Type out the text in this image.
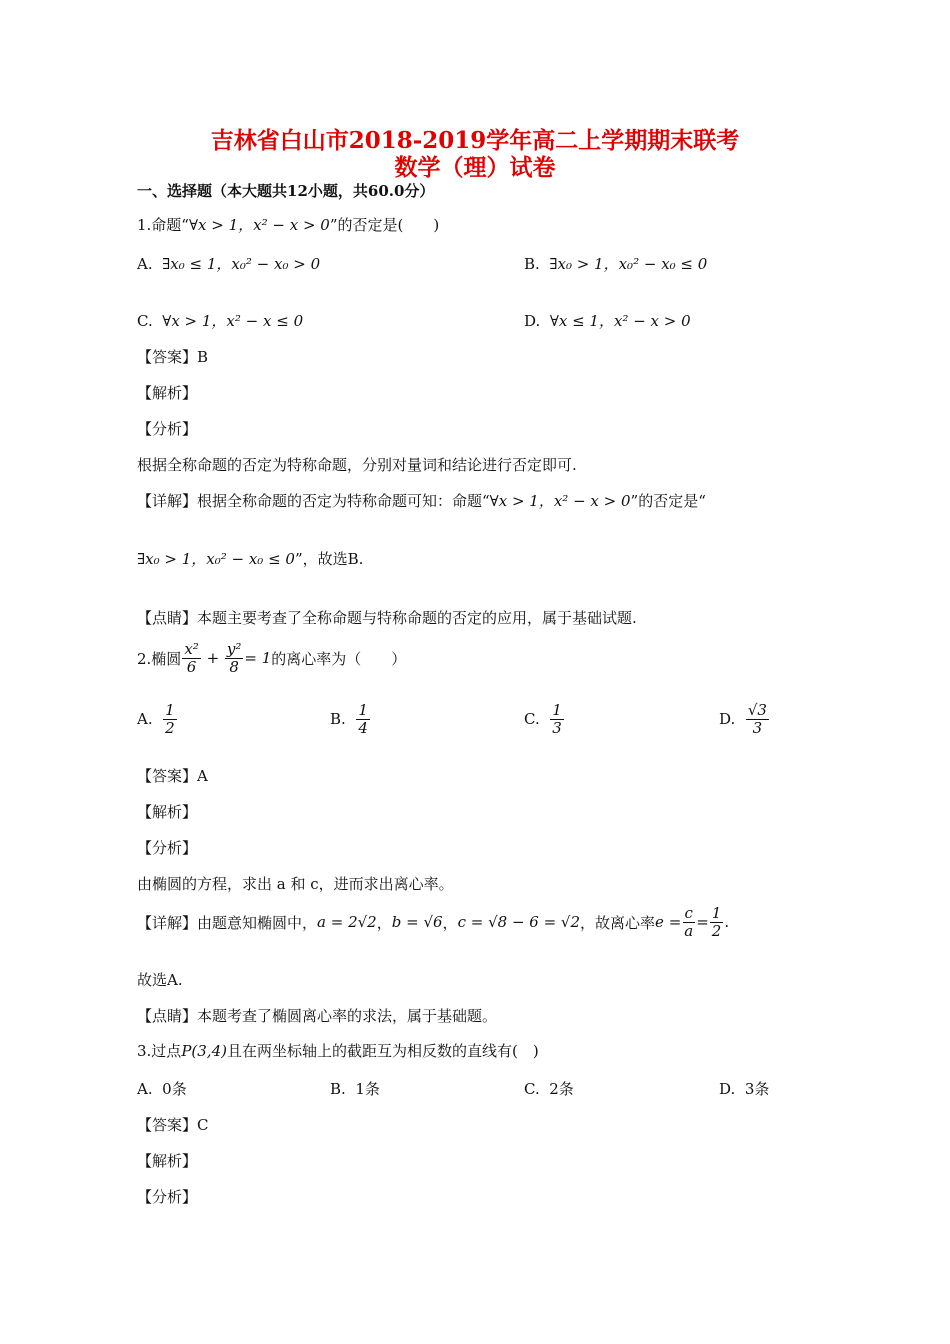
吉林省白山市2018-2019学年高二上学期期末联考
数学（理）试卷
一、选择题（本大题共12小题，共60.0分）
1.命题“∀x > 1，x² − x > 0”的否定是(　　)
A. ∃x₀ ≤ 1，x₀² − x₀ > 0	B. ∃x₀ > 1，x₀² − x₀ ≤ 0
C. ∀x > 1，x² − x ≤ 0	D. ∀x ≤ 1，x² − x > 0
【答案】B
【解析】
【分析】
根据全称命题的否定为特称命题，分别对量词和结论进行否定即可.
【详解】根据全称命题的否定为特称命题可知：命题“∀x > 1，x² − x > 0”的否定是“
∃x₀ > 1，x₀² − x₀ ≤ 0”，故选B.
【点睛】本题主要考查了全称命题与特称命题的否定的应用，属于基础试题.
2.椭圆 $\frac{\text{x²}}{6} + \frac{\text{y²}}{8} = 1$ 的离心率为（　　）
A.
$\frac{1}{2}$	B.
$\frac{1}{4}$	C.
$\frac{1}{3}$	D.
$\frac{√3}{3}$
【答案】A
【解析】
【分析】
由椭圆的方程，求出 a 和 c，进而求出离心率。
【详解】由题意知椭圆中， a = 2√2 ， b = √6 ， c = √8 − 6 = √2 ，故离心率 $e = \frac{c}{a} = \frac{1}{2}$ .
故选A.
【点睛】本题考查了椭圆离心率的求法，属于基础题。
3.过点P(3,4)且在两坐标轴上的截距互为相反数的直线有(　)
A. 0条	B. 1条	C. 2条	D. 3条
【答案】C
【解析】
【分析】
